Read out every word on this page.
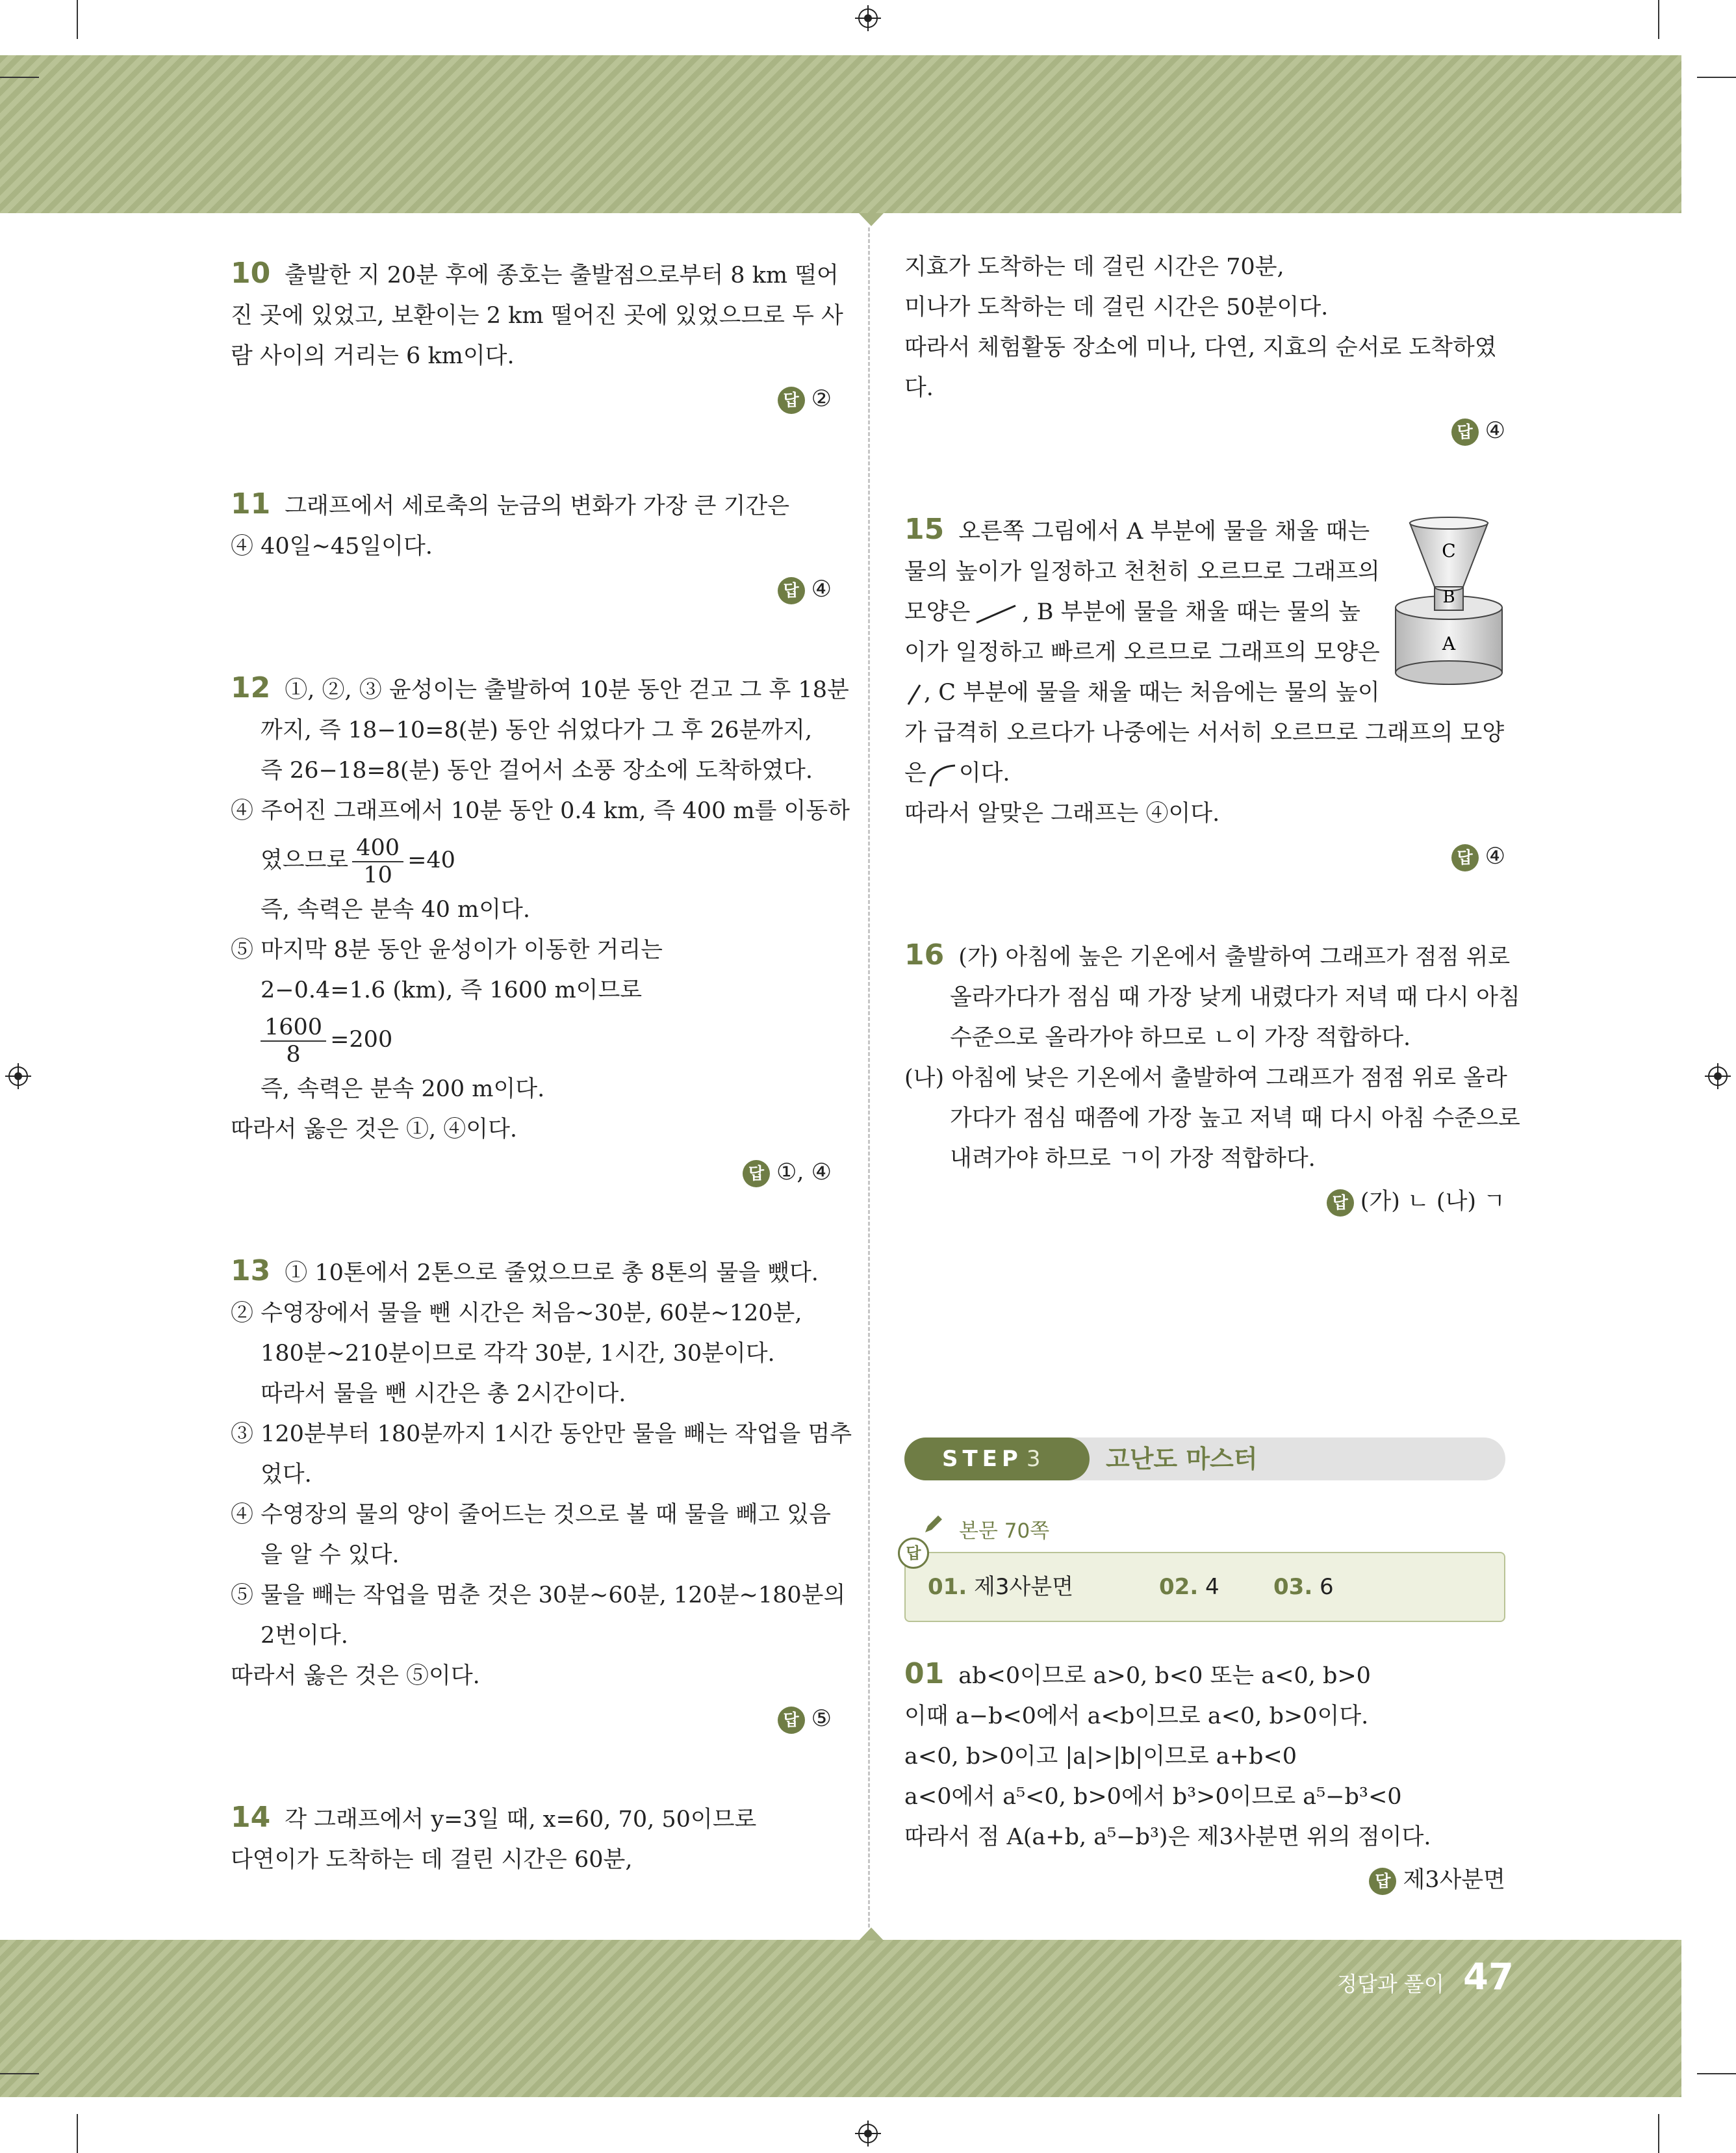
10 출발한 지 20분 후에 종호는 출발점으로부터 8 km 떨어
진 곳에 있었고, 보환이는 2 km 떨어진 곳에 있었으므로 두 사
람 사이의 거리는 6 km이다.
답 ②
11 그래프에서 세로축의 눈금의 변화가 가장 큰 기간은
④ 40일~45일이다.
답 ④
12 ①, ②, ③ 윤성이는 출발하여 10분 동안 걷고 그 후 18분
까지, 즉 18−10=8(분) 동안 쉬었다가 그 후 26분까지,
즉 26−18=8(분) 동안 걸어서 소풍 장소에 도착하였다.
④ 주어진 그래프에서 10분 동안 0.4 km, 즉 400 m를 이동하
였으므로 $\frac{400}{10} =40$
즉, 속력은 분속 40 m이다.
⑤ 마지막 8분 동안 윤성이가 이동한 거리는
2−0.4=1.6 (km), 즉 1600 m이므로
$\frac{1600}{8} =200$
즉, 속력은 분속 200 m이다.
따라서 옳은 것은 ①, ④이다.
답 ①, ④
13 ① 10톤에서 2톤으로 줄었으므로 총 8톤의 물을 뺐다.
② 수영장에서 물을 뺀 시간은 처음~30분, 60분~120분,
180분~210분이므로 각각 30분, 1시간, 30분이다.
따라서 물을 뺀 시간은 총 2시간이다.
③ 120분부터 180분까지 1시간 동안만 물을 빼는 작업을 멈추
었다.
④ 수영장의 물의 양이 줄어드는 것으로 볼 때 물을 빼고 있음
을 알 수 있다.
⑤ 물을 빼는 작업을 멈춘 것은 30분~60분, 120분~180분의
2번이다.
따라서 옳은 것은 ⑤이다.
답 ⑤
14 각 그래프에서 y=3일 때, x=60, 70, 50이므로
다연이가 도착하는 데 걸린 시간은 60분,
지효가 도착하는 데 걸린 시간은 70분,
미나가 도착하는 데 걸린 시간은 50분이다.
따라서 체험활동 장소에 미나, 다연, 지효의 순서로 도착하였
다.
답 ④
15 오른쪽 그림에서 A 부분에 물을 채울 때는
물의 높이가 일정하고 천천히 오르므로 그래프의
모양은 , B 부분에 물을 채울 때는 물의 높
이가 일정하고 빠르게 오르므로 그래프의 모양은
, C 부분에 물을 채울 때는 처음에는 물의 높이
가 급격히 오르다가 나중에는 서서히 오르므로 그래프의 모양
은 이다.
따라서 알맞은 그래프는 ④이다.
답 ④
16 (가) 아침에 높은 기온에서 출발하여 그래프가 점점 위로
올라가다가 점심 때 가장 낮게 내렸다가 저녁 때 다시 아침
수준으로 올라가야 하므로 ㄴ이 가장 적합하다.
(나) 아침에 낮은 기온에서 출발하여 그래프가 점점 위로 올라
가다가 점심 때쯤에 가장 높고 저녁 때 다시 아침 수준으로
내려가야 하므로 ㄱ이 가장 적합하다.
답 (가) ㄴ (나) ㄱ
C
B
A
STEP 3	고난도 마스터
본문 70쪽
01. 제3사분면	02. 4 03. 6
답
01 ab<0이므로 a>0, b<0 또는 a<0, b>0
이때 a−b<0에서 a<b이므로 a<0, b>0이다.
a<0, b>0이고 |a|>|b|이므로 a+b<0
a<0에서 a⁵<0, b>0에서 b³>0이므로 a⁵−b³<0
따라서 점 A(a+b, a⁵−b³)은 제3사분면 위의 점이다.
답 제3사분면
정답과 풀이 47
